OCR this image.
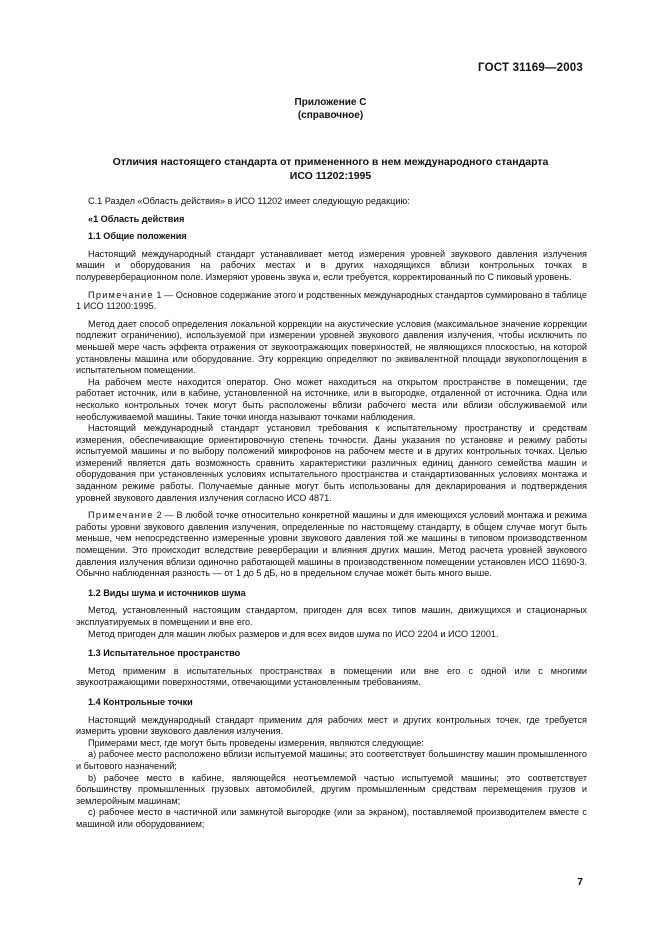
ГОСТ 31169—2003
Приложение С
(справочное)
Отличия настоящего стандарта от примененного в нем международного стандарта
ИСО 11202:1995

С.1 Раздел «Область действия» в ИСО 11202 имеет следующую редакцию:

«1 Область действия

1.1 Общие положения

Настоящий международный стандарт устанавливает метод измерения уровней звукового давления излучения машин и оборудования на рабочих местах и в других находящихся вблизи контрольных точках в полуреверберационном поле. Измеряют уровень звука и, если требуется, корректированный по С пиковый уровень.

Примечание 1 — Основное содержание этого и родственных международных стандартов суммировано в таблице 1 ИСО 11200:1995.

Метод дает способ определения локальной коррекции на акустические условия (максимальное значение коррекции подлежит ограничению), используемой при измерении уровней звукового давления излучения, чтобы исключить по меньшей мере часть эффекта отражения от звукоотражающих поверхностей, не являющихся плоскостью, на которой установлены машина или оборудование. Эту коррекцию определяют по эквивалентной площади звукопоглощения в испытательном помещении.

На рабочем месте находится оператор. Оно может находиться на открытом пространстве в помещении, где работает источник, или в кабине, установленной на источнике, или в выгородке, отдаленной от источника. Одна или несколько контрольных точек могут быть расположены вблизи рабочего места или вблизи обслуживаемой или необслуживаемой машины. Такие точки иногда называют точками наблюдения.

Настоящий международный стандарт установил требования к испытательному пространству и средствам измерения, обеспечивающие ориентировочную степень точности. Даны указания по установке и режиму работы испытуемой машины и по выбору положений микрофонов на рабочем месте и в других контрольных точках. Целью измерений является дать возможность сравнить характеристики различных единиц данного семейства машин и оборудования при установленных условиях испытательного пространства и стандартизованных условиях монтажа и заданном режиме работы. Получаемые данные могут быть использованы для декларирования и подтверждения уровней звукового давления излучения согласно ИСО 4871.

Примечание 2 — В любой точке относительно конкретной машины и для имеющихся условий монтажа и режима работы уровни звукового давления излучения, определенные по настоящему стандарту, в общем случае могут быть меньше, чем непосредственно измеренные уровни звукового давления той же машины в типовом производственном помещении. Это происходит вследствие реверберации и влияния других машин. Метод расчета уровней звукового давления излучения вблизи одиночно работающей машины в производственном помещении установлен ИСО 11690-3. Обычно наблюденная разность — от 1 до 5 дБ, но в предельном случае может быть много выше.

1.2 Виды шума и источников шума

Метод, установленный настоящим стандартом, пригоден для всех типов машин, движущихся и стационарных эксплуатируемых в помещении и вне его.

Метод пригоден для машин любых размеров и для всех видов шума по ИСО 2204 и ИСО 12001.

1.3 Испытательное пространство

Метод применим в испытательных пространствах в помещении или вне его с одной или с многими звукоотражающими поверхностями, отвечающими установленным требованиям.

1.4 Контрольные точки

Настоящий международный стандарт применим для рабочих мест и других контрольных точек, где требуется измерить уровни звукового давления излучения.

Примерами мест, где могут быть проведены измерения, являются следующие:

а) рабочее место расположено вблизи испытуемой машины; это соответствует большинству машин промышленного и бытового назначений;

b) рабочее место в кабине, являющейся неотъемлемой частью испытуемой машины; это соответствует большинству промышленных грузовых автомобилей, другим промышленным средствам перемещения грузов и землеройным машинам;

с) рабочее место в частичной или замкнутой выгородке (или за экраном), поставляемой производителем вместе с машиной или оборудованием;

7
